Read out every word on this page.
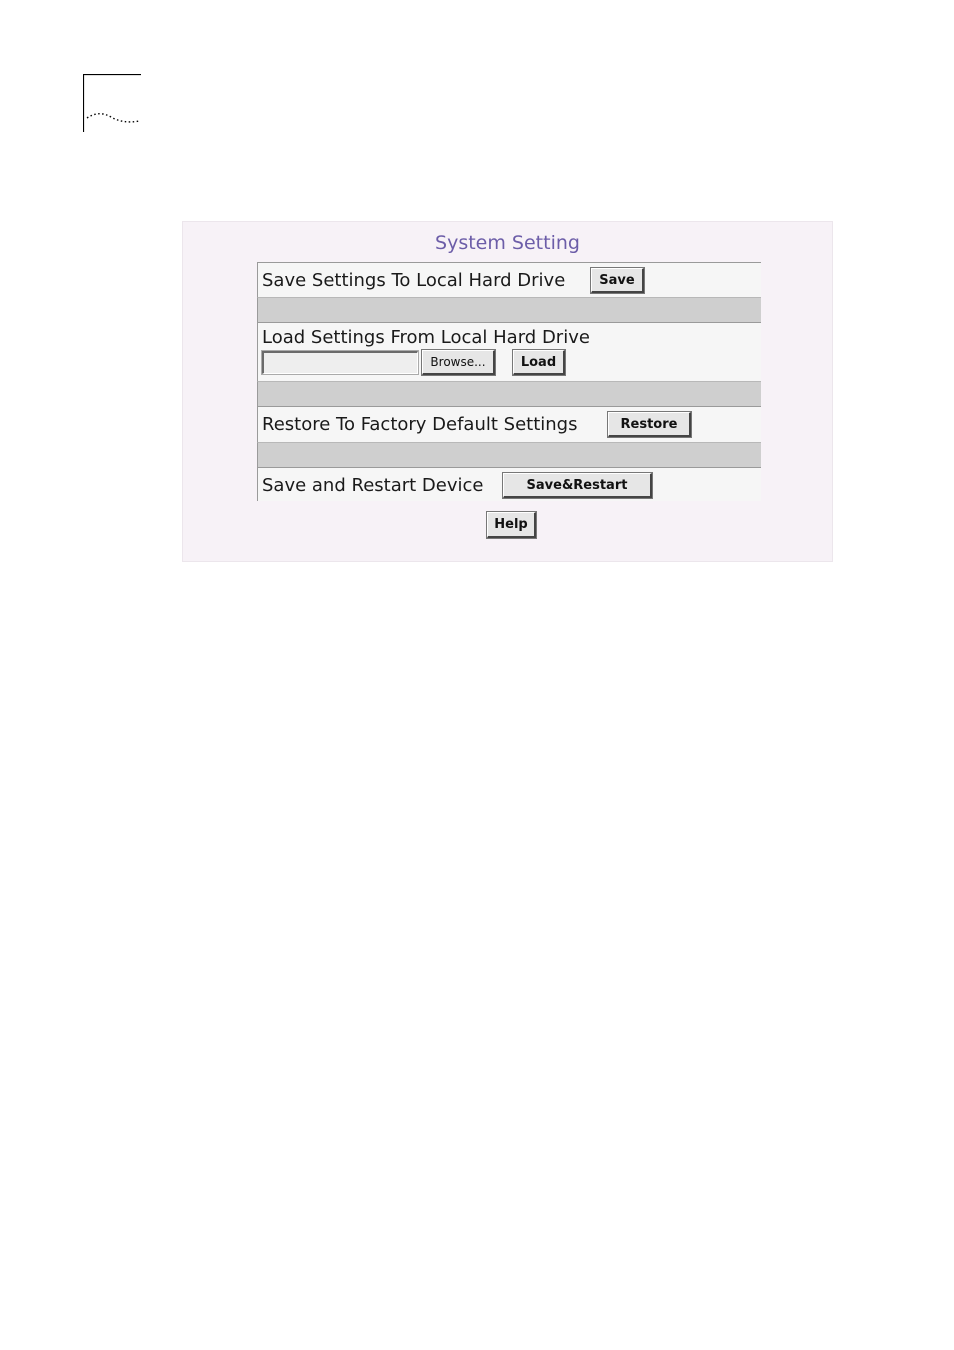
System Setting
Save Settings To Local Hard Drive	Save
Load Settings From Local Hard Drive
Browse...	Load
Restore To Factory Default Settings	Restore
Save and Restart Device	Save&Restart
Help
